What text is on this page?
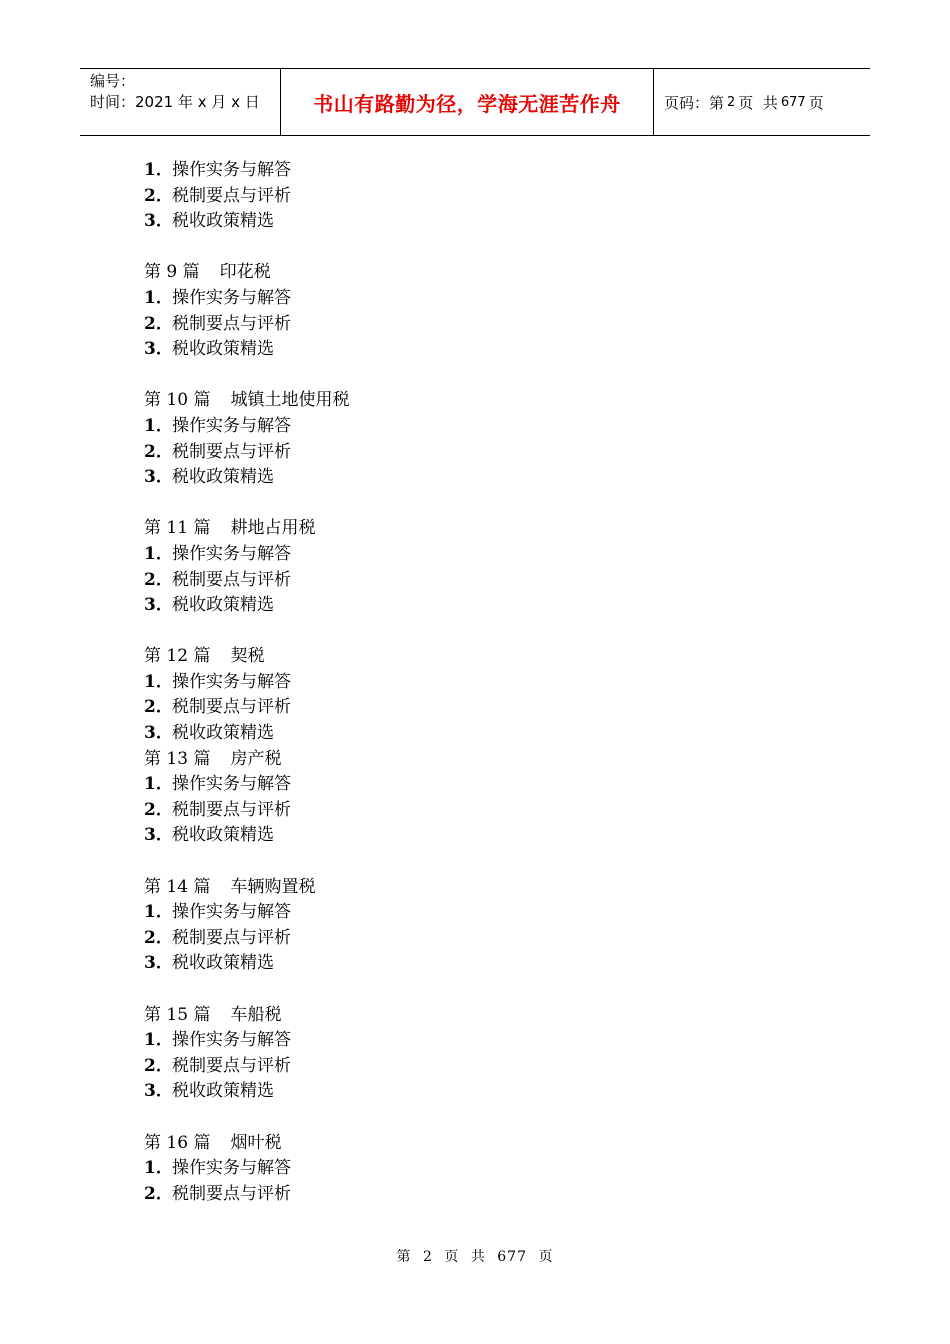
编号：
时间：2021 年 x 月 x 日	书山有路勤为径，学海无涯苦作舟	页码：第 2 页  共 677 页
1．操作实务与解答
2．税制要点与评析
3．税收政策精选
第 9 篇 印花税
1．操作实务与解答
2．税制要点与评析
3．税收政策精选
第 10 篇 城镇土地使用税
1．操作实务与解答
2．税制要点与评析
3．税收政策精选
第 11 篇 耕地占用税
1．操作实务与解答
2．税制要点与评析
3．税收政策精选
第 12 篇 契税
1．操作实务与解答
2．税制要点与评析
3．税收政策精选
第 13 篇 房产税
1．操作实务与解答
2．税制要点与评析
3．税收政策精选
第 14 篇 车辆购置税
1．操作实务与解答
2．税制要点与评析
3．税收政策精选
第 15 篇 车船税
1．操作实务与解答
2．税制要点与评析
3．税收政策精选
第 16 篇 烟叶税
1．操作实务与解答
2．税制要点与评析
第 2 页 共 677 页
